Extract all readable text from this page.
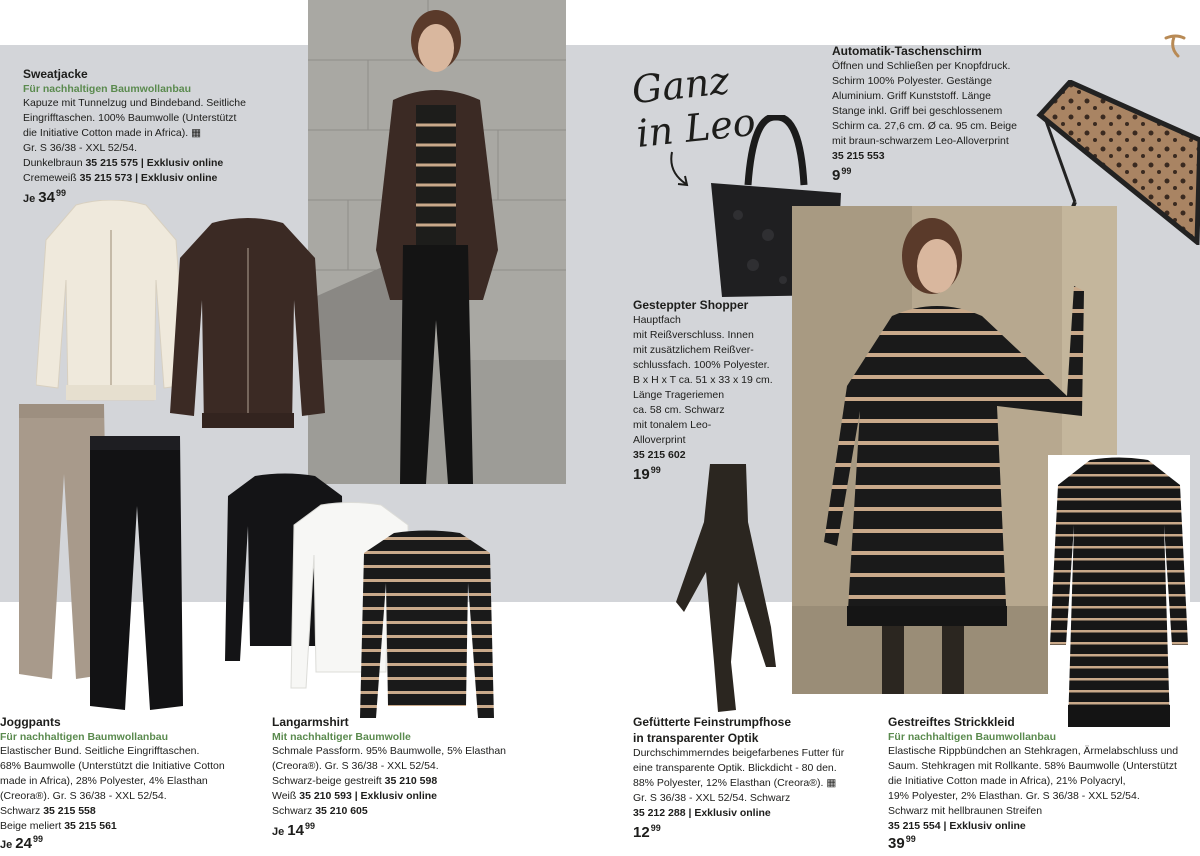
Sweatjacke

Für nachhaltigen Baumwollanbau
Kapuze mit Tunnelzug und Bindeband. Seitliche
Eingrifftaschen. 100% Baumwolle (Unterstützt
die Initiative Cotton made in Africa). ▦
Gr. S 36/38 - XXL 52/54.
Dunkelbraun 35 215 575 | Exklusiv online
Cremeweiß 35 215 573 | Exklusiv online
Je $34^{99}$

Joggpants

Für nachhaltigen Baumwollanbau
Elastischer Bund. Seitliche Eingrifftaschen.
68% Baumwolle (Unterstützt die Initiative Cotton
made in Africa), 28% Polyester, 4% Elasthan
(Creora®). Gr. S 36/38 - XXL 52/54.
Schwarz 35 215 558
Beige meliert 35 215 561
Je $24^{99}$

Langarmshirt

Mit nachhaltiger Baumwolle
Schmale Passform. 95% Baumwolle, 5% Elasthan
(Creora®). Gr. S 36/38 - XXL 52/54.
Schwarz-beige gestreift 35 210 598
Weiß 35 210 593 | Exklusiv online
Schwarz 35 210 605
Je $14^{99}$
Ganz
in Leo

Automatik-Taschenschirm

Öffnen und Schließen per Knopfdruck.
Schirm 100% Polyester. Gestänge
Aluminium. Griff Kunststoff. Länge
Stange inkl. Griff bei geschlossenem
Schirm ca. 27,6 cm. Ø ca. 95 cm. Beige
mit braun-schwarzem Leo-Alloverprint
35 215 553
$9^{99}$

Gesteppter Shopper

Hauptfach
mit Reißverschluss. Innen
mit zusätzlichem Reißver-
schlussfach. 100% Polyester.
B x H x T ca. 51 x 33 x 19 cm.
Länge Trageriemen
ca. 58 cm. Schwarz
mit tonalem Leo-
Alloverprint
35 215 602
$19^{99}$

Gefütterte Feinstrumpfhose

in transparenter Optik

Durchschimmerndes beigefarbenes Futter für
eine transparente Optik. Blickdicht - 80 den.
88% Polyester, 12% Elasthan (Creora®). ▦
Gr. S 36/38 - XXL 52/54. Schwarz
35 212 288 | Exklusiv online
$12^{99}$

Gestreiftes Strickkleid

Für nachhaltigen Baumwollanbau
Elastische Rippbündchen an Stehkragen, Ärmelabschluss und
Saum. Stehkragen mit Rollkante. 58% Baumwolle (Unterstützt
die Initiative Cotton made in Africa), 21% Polyacryl,
19% Polyester, 2% Elasthan. Gr. S 36/38 - XXL 52/54.
Schwarz mit hellbraunen Streifen
35 215 554 | Exklusiv online
$39^{99}$
